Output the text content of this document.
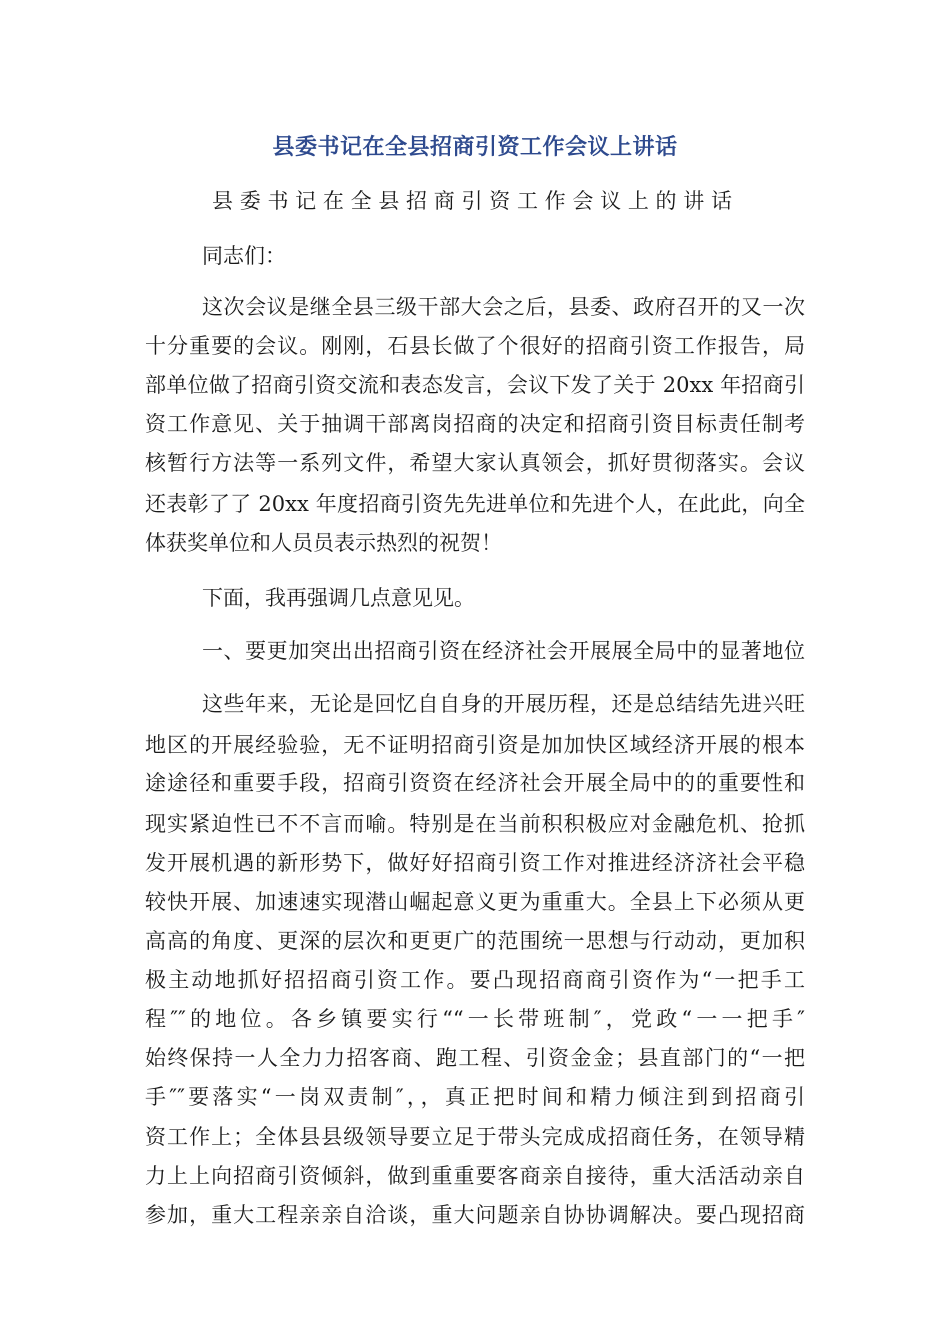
县委书记在全县招商引资工作会议上讲话
县委书记在全县招商引资工作会议上的讲话
同志们：
这次会议是继全县三级干部大会之后，县委、政府召开的又一次
十分重要的会议。刚刚，石县长做了个很好的招商引资工作报告，局
部单位做了招商引资交流和表态发言，会议下发了关于 20xx 年招商引
资工作意见、关于抽调干部离岗招商的决定和招商引资目标责任制考
核暂行方法等一系列文件，希望大家认真领会，抓好贯彻落实。会议
还表彰了了 20xx 年度招商引资先先进单位和先进个人，在此此，向全
体获奖单位和人员员表示热烈的祝贺！
下面，我再强调几点意见见。
一、要更加突出出招商引资在经济社会开展展全局中的显著地位
这些年来，无论是回忆自自身的开展历程，还是总结结先进兴旺
地区的开展经验验，无不证明招商引资是加加快区域经济开展的根本
途途径和重要手段，招商引资资在经济社会开展全局中的的重要性和
现实紧迫性已不不言而喻。特别是在当前积积极应对金融危机、抢抓
发开展机遇的新形势下，做好好招商引资工作对推进经济济社会平稳
较快开展、加速速实现潜山崛起意义更为重重大。全县上下必须从更
高高的角度、更深的层次和更更广的范围统一思想与行动动，更加积
极主动地抓好招招商引资工作。要凸现招商商引资作为“一把手工
程″″的地位。各乡镇要实行““一长带班制″，党政“一一把手″
始终保持一人全力力招客商、跑工程、引资金金；县直部门的“一把
手″″要落实“一岗双责制″，，真正把时间和精力倾注到到招商引
资工作上；全体县县级领导要立足于带头完成成招商任务，在领导精
力上上向招商引资倾斜，做到重重要客商亲自接待，重大活活动亲自
参加，重大工程亲亲自洽谈，重大问题亲自协协调解决。要凸现招商
